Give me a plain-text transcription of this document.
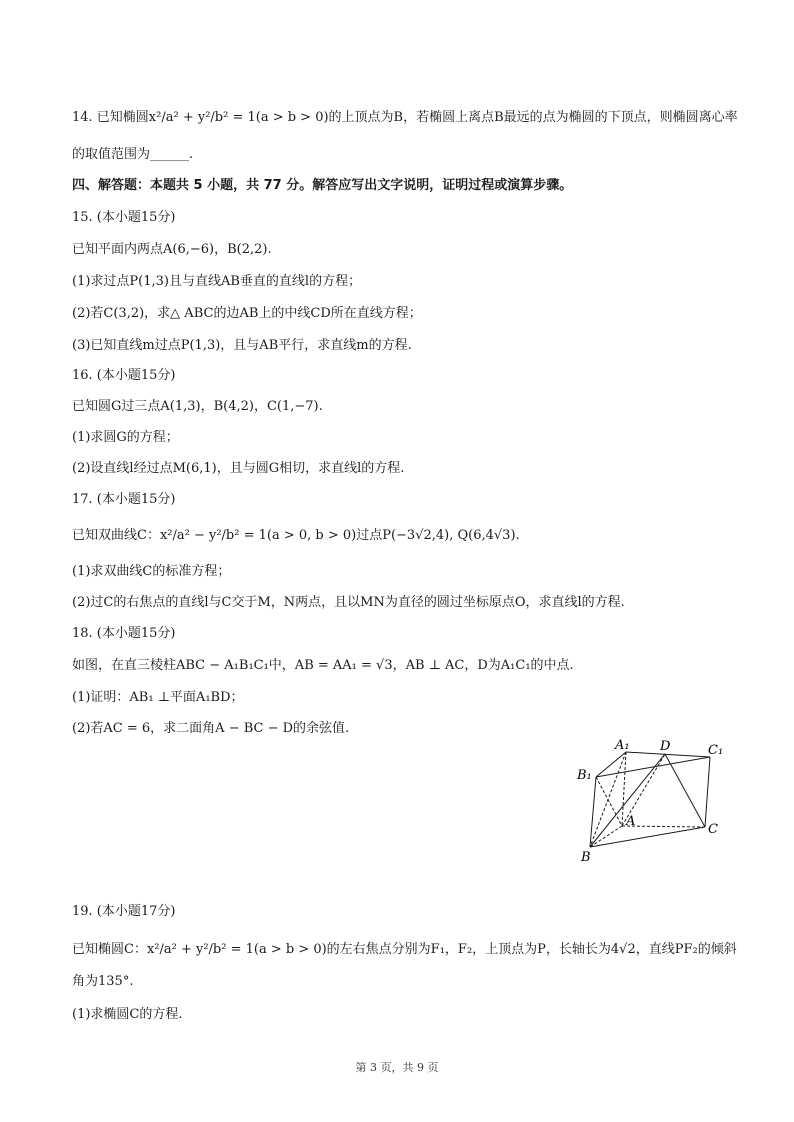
14. 已知椭圆x²/a² + y²/b² = 1(a > b > 0)的上顶点为B，若椭圆上离点B最远的点为椭圆的下顶点，则椭圆离心率
的取值范围为______.
四、解答题：本题共 5 小题，共 77 分。解答应写出文字说明，证明过程或演算步骤。
15. (本小题15分)
已知平面内两点A(6,−6)，B(2,2).
(1)求过点P(1,3)且与直线AB垂直的直线l的方程；
(2)若C(3,2)，求△ ABC的边AB上的中线CD所在直线方程；
(3)已知直线m过点P(1,3)，且与AB平行，求直线m的方程.
16. (本小题15分)
已知圆G过三点A(1,3)，B(4,2)，C(1,−7).
(1)求圆G的方程；
(2)设直线l经过点M(6,1)，且与圆G相切，求直线l的方程.
17. (本小题15分)
已知双曲线C：x²/a² − y²/b² = 1(a > 0, b > 0)过点P(−3√2,4), Q(6,4√3).
(1)求双曲线C的标准方程；
(2)过C的右焦点的直线l与C交于M，N两点，且以MN为直径的圆过坐标原点O，求直线l的方程.
18. (本小题15分)
如图，在直三棱柱ABC − A₁B₁C₁中，AB = AA₁ = √3，AB ⊥ AC，D为A₁C₁的中点.
(1)证明：AB₁ ⊥平面A₁BD；
(2)若AC = 6，求二面角A − BC − D的余弦值.
A₁ D	C₁
B₁
A
C
B
19. (本小题17分)
已知椭圆C：x²/a² + y²/b² = 1(a > b > 0)的左右焦点分别为F₁，F₂，上顶点为P，长轴长为4√2，直线PF₂的倾斜
角为135°.
(1)求椭圆C的方程.
第 3 页，共 9 页
